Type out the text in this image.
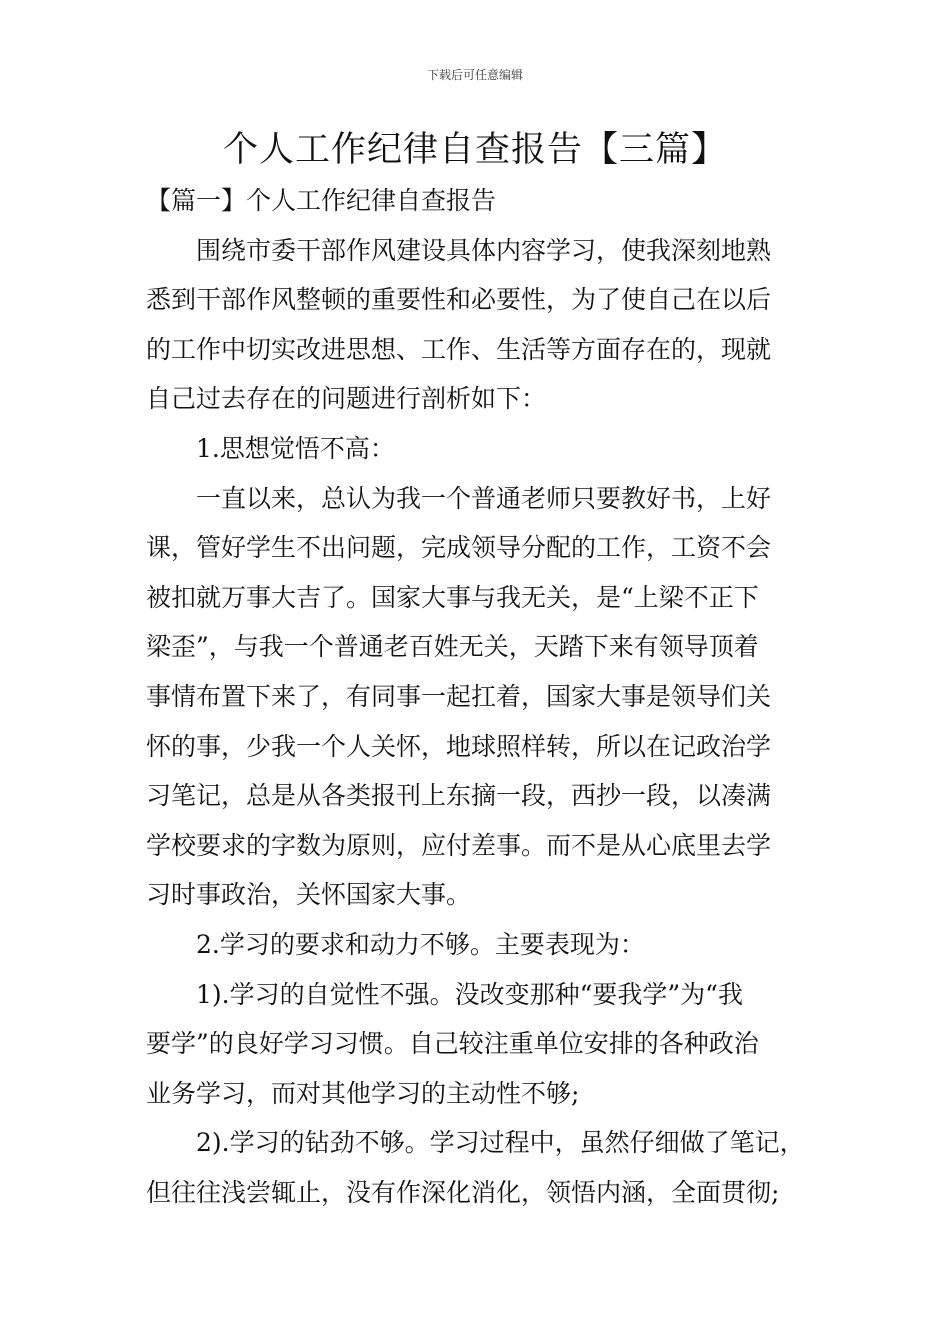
下载后可任意编辑
个人工作纪律自查报告【三篇】

【篇一】个人工作纪律自查报告

围绕市委干部作风建设具体内容学习，使我深刻地熟

悉到干部作风整顿的重要性和必要性，为了使自己在以后

的工作中切实改进思想、工作、生活等方面存在的，现就

自己过去存在的问题进行剖析如下：

1.思想觉悟不高：

一直以来，总认为我一个普通老师只要教好书，上好

课，管好学生不出问题，完成领导分配的工作，工资不会

被扣就万事大吉了。国家大事与我无关，是“上梁不正下

梁歪”，与我一个普通老百姓无关，天踏下来有领导顶着

事情布置下来了，有同事一起扛着，国家大事是领导们关

怀的事，少我一个人关怀，地球照样转，所以在记政治学

习笔记，总是从各类报刊上东摘一段，西抄一段，以凑满

学校要求的字数为原则，应付差事。而不是从心底里去学

习时事政治，关怀国家大事。

2.学习的要求和动力不够。主要表现为：

1).学习的自觉性不强。没改变那种“要我学”为“我

要学”的良好学习习惯。自己较注重单位安排的各种政治

业务学习，而对其他学习的主动性不够;

2).学习的钻劲不够。学习过程中，虽然仔细做了笔记，

但往往浅尝辄止，没有作深化消化，领悟内涵，全面贯彻;
